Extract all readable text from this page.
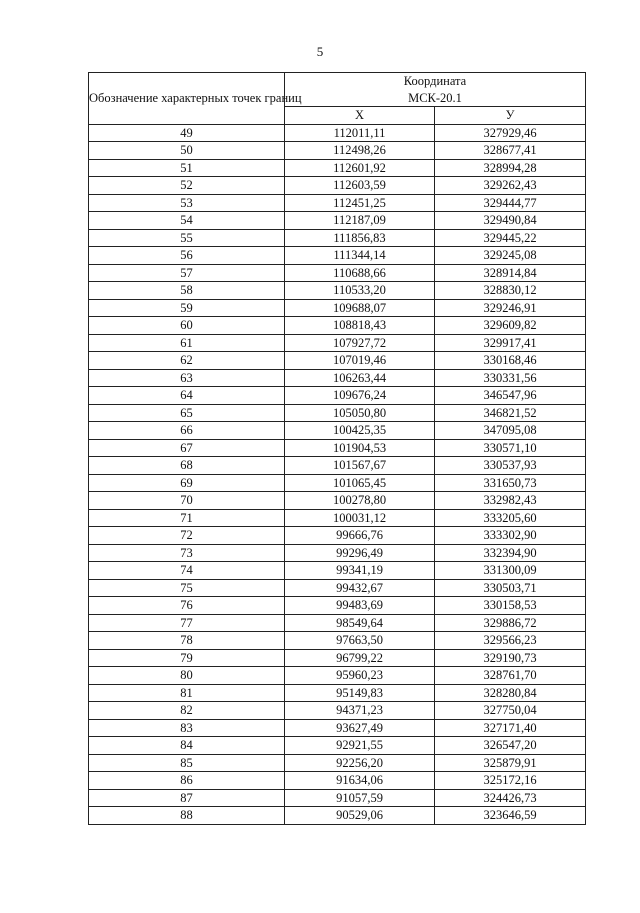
5
Обозначение характерных точек границ	Координата
МСК-20.1	
	X	У
49	112011,11	327929,46
50	112498,26	328677,41
51	112601,92	328994,28
52	112603,59	329262,43
53	112451,25	329444,77
54	112187,09	329490,84
55	111856,83	329445,22
56	111344,14	329245,08
57	110688,66	328914,84
58	110533,20	328830,12
59	109688,07	329246,91
60	108818,43	329609,82
61	107927,72	329917,41
62	107019,46	330168,46
63	106263,44	330331,56
64	109676,24	346547,96
65	105050,80	346821,52
66	100425,35	347095,08
67	101904,53	330571,10
68	101567,67	330537,93
69	101065,45	331650,73
70	100278,80	332982,43
71	100031,12	333205,60
72	99666,76	333302,90
73	99296,49	332394,90
74	99341,19	331300,09
75	99432,67	330503,71
76	99483,69	330158,53
77	98549,64	329886,72
78	97663,50	329566,23
79	96799,22	329190,73
80	95960,23	328761,70
81	95149,83	328280,84
82	94371,23	327750,04
83	93627,49	327171,40
84	92921,55	326547,20
85	92256,20	325879,91
86	91634,06	325172,16
87	91057,59	324426,73
88	90529,06	323646,59
